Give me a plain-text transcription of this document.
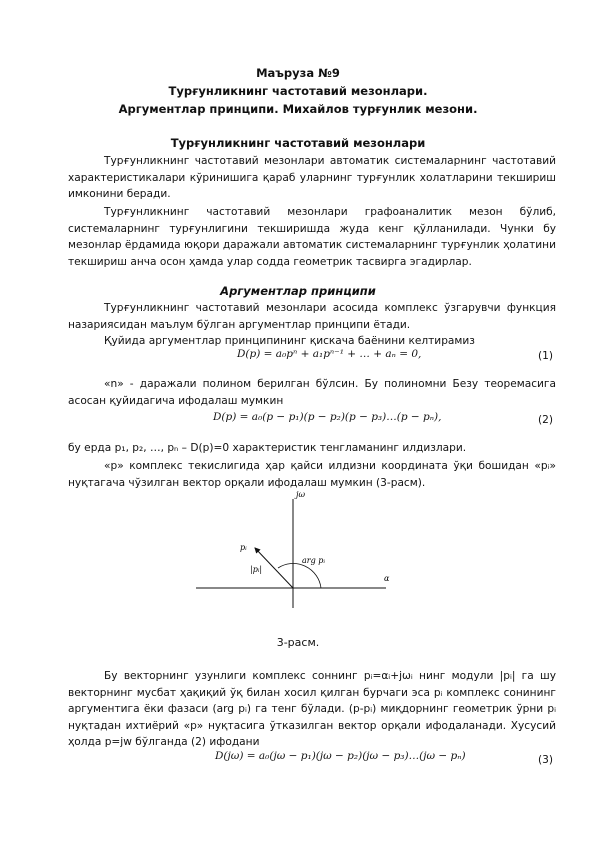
Маъруза №9
Турғунликнинг частотавий мезонлари.
Аргументлар принципи. Михайлов турғунлик мезони.
Турғунликнинг частотавий мезонлари
Турғунликнинг частотавий мезонлари автоматик системаларнинг частотавий характеристикалари кўринишига қараб уларнинг турғунлик холатларини текшириш имконини беради.
Турғунликнинг частотавий мезонлари графоаналитик мезон бўлиб, системаларнинг турғунлигини текширишда жуда кенг қўлланилади. Чунки бу мезонлар ёрдамида юқори даражали автоматик системаларнинг турғунлик ҳолатини текшириш анча осон ҳамда улар содда геометрик тасвирга эгадирлар.
Аргументлар принципи
Турғунликнинг частотавий мезонлари асосида комплекс ўзгарувчи функция назариясидан маълум бўлган аргументлар принципи ётади.
Қуйида аргументлар принципининг қискача баёнини келтирамиз
D(p) = a₀pⁿ + a₁pⁿ⁻¹ + … + aₙ = 0,	(1)
«n» - даражали полином берилган бўлсин. Бу полиномни Безу теоремасига асосан қуйидагича ифодалаш мумкин
D(p) = a₀(p − p₁)(p − p₂)(p − p₃)…(p − pₙ),	(2)
бу ерда p₁, p₂, …, pₙ – D(p)=0 характеристик тенгламанинг илдизлари.
«p» комплекс текислигида ҳар қайси илдизни координата ўқи бошидан «pᵢ» нуқтагача чўзилган вектор орқали ифодалаш мумкин (3-расм).
jω
α
pᵢ
|pᵢ|
arg pᵢ
3-расм.
Бу векторнинг узунлиги комплекс соннинг pᵢ=αᵢ+jωᵢ нинг модули |pᵢ| га шу векторнинг мусбат ҳақиқий ўқ билан хосил қилган бурчаги эса pᵢ комплекс сонининг аргументига ёки фазаси (arg pᵢ) га тенг бўлади. (p-pᵢ) миқдорнинг геометрик ўрни pᵢ нуқтадан ихтиёрий «p» нуқтасига ўтказилган вектор орқали ифодаланади. Хусусий ҳолда p=jw бўлганда (2) ифодани
D(jω) = a₀(jω − p₁)(jω − p₂)(jω − p₃)…(jω − pₙ)	(3)
